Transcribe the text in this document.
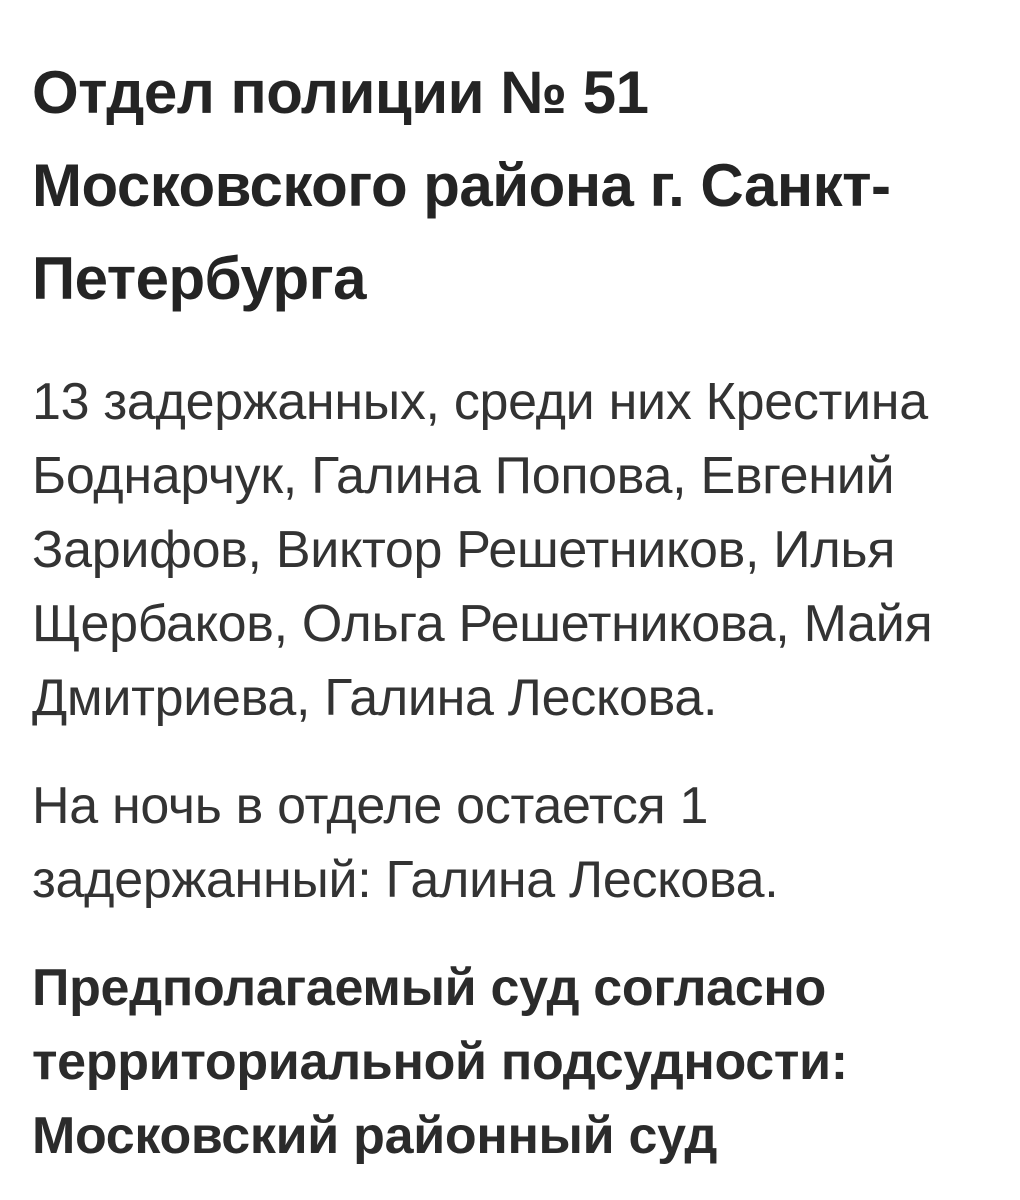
Отдел полиции № 51 Московского района г. Санкт-Петербурга

13 задержанных, среди них Крестина Боднарчук, Галина Попова, Евгений Зарифов, Виктор Решетников, Илья Щербаков, Ольга Решетникова, Майя Дмитриева, Галина Лескова.

На ночь в отделе остается 1 задержанный: Галина Лескова.

Предполагаемый суд согласно территориальной подсудности: Московский районный суд
